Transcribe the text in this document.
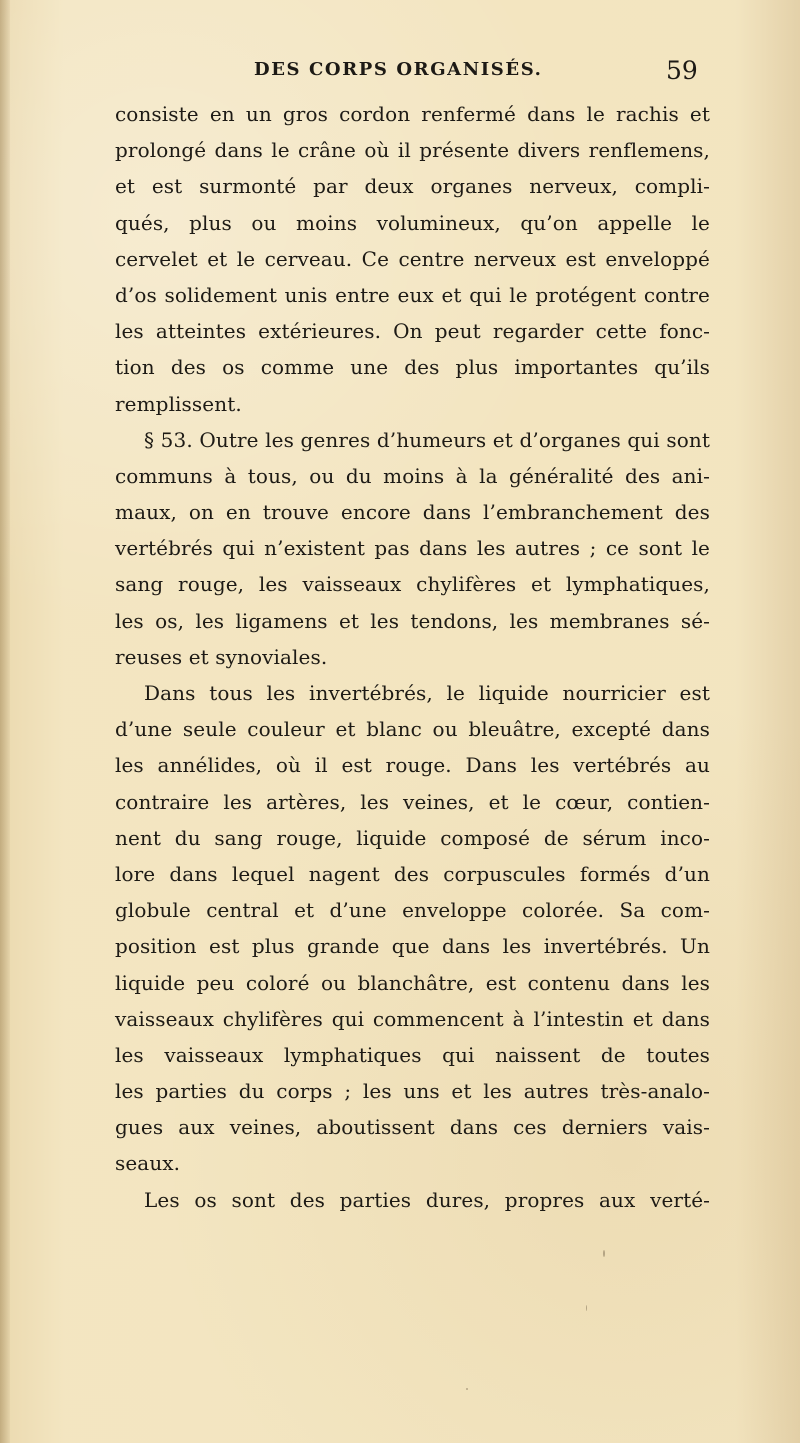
DES CORPS ORGANISÉS.	59
consiste en un gros cordon renfermé dans le rachis et
prolongé dans le crâne où il présente divers renflemens,
et est surmonté par deux organes nerveux, compli-
qués, plus ou moins volumineux, qu’on appelle le
cervelet et le cerveau. Ce centre nerveux est enveloppé
d’os solidement unis entre eux et qui le protégent contre
les atteintes extérieures. On peut regarder cette fonc-
tion des os comme une des plus importantes qu’ils
remplissent.
§ 53. Outre les genres d’humeurs et d’organes qui sont
communs à tous, ou du moins à la généralité des ani-
maux, on en trouve encore dans l’embranchement des
vertébrés qui n’existent pas dans les autres ; ce sont le
sang rouge, les vaisseaux chylifères et lymphatiques,
les os, les ligamens et les tendons, les membranes sé-
reuses et synoviales.
Dans tous les invertébrés, le liquide nourricier est
d’une seule couleur et blanc ou bleuâtre, excepté dans
les annélides, où il est rouge. Dans les vertébrés au
contraire les artères, les veines, et le cœur, contien-
nent du sang rouge, liquide composé de sérum inco-
lore dans lequel nagent des corpuscules formés d’un
globule central et d’une enveloppe colorée. Sa com-
position est plus grande que dans les invertébrés. Un
liquide peu coloré ou blanchâtre, est contenu dans les
vaisseaux chylifères qui commencent à l’intestin et dans
les vaisseaux lymphatiques qui naissent de toutes
les parties du corps ; les uns et les autres très-analo-
gues aux veines, aboutissent dans ces derniers vais-
seaux.
Les os sont des parties dures, propres aux verté-
